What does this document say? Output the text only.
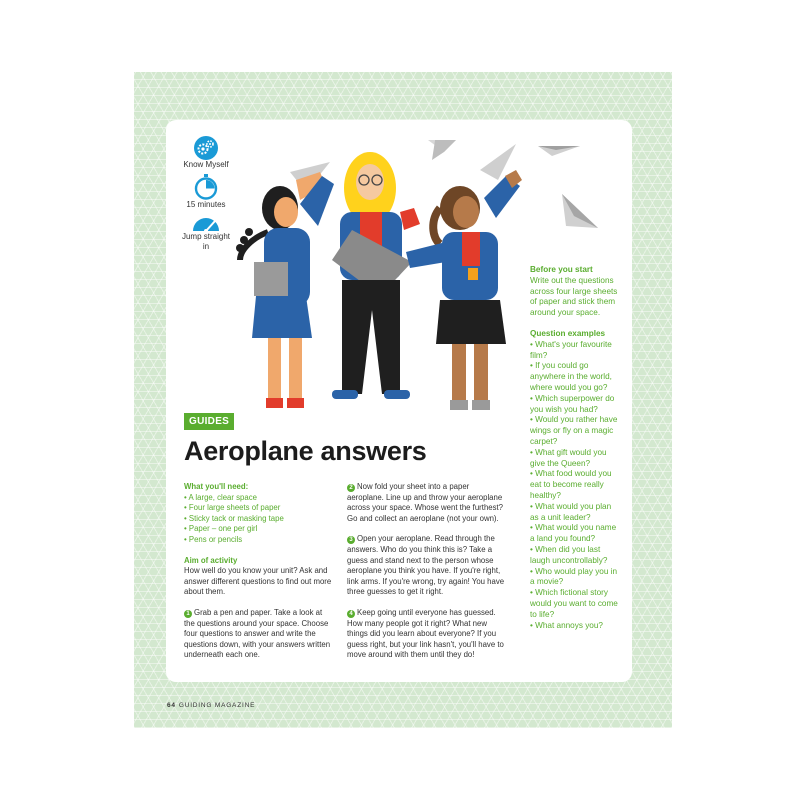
Know Myself
15 minutes
Jump straight in
GUIDES
Aeroplane answers
What you'll need:
• A large, clear space
• Four large sheets of paper
• Sticky tack or masking tape
• Paper – one per girl
• Pens or pencils
Aim of activity
How well do you know your unit? Ask and answer different questions to find out more about them.
1 Grab a pen and paper. Take a look at the questions around your space. Choose four questions to answer and write the questions down, with your answers written underneath each one.
2 Now fold your sheet into a paper aeroplane. Line up and throw your aeroplane across your space. Whose went the furthest? Go and collect an aeroplane (not your own).
3 Open your aeroplane. Read through the answers. Who do you think this is? Take a guess and stand next to the person whose aeroplane you think you have. If you're right, link arms. If you're wrong, try again! You have three guesses to get it right.
4 Keep going until everyone has guessed. How many people got it right? What new things did you learn about everyone? If you guess right, but your link hasn't, you'll have to move around with them until they do!
Before you start
Write out the questions across four large sheets of paper and stick them around your space.
Question examples
• What's your favourite film?
• If you could go anywhere in the world, where would you go?
• Which superpower do you wish you had?
• Would you rather have wings or fly on a magic carpet?
• What gift would you give the Queen?
• What food would you eat to become really healthy?
• What would you plan as a unit leader?
• What would you name a land you found?
• When did you last laugh uncontrollably?
• Who would play you in a movie?
• Which fictional story would you want to come to life?
• What annoys you?
64 GUIDING MAGAZINE
